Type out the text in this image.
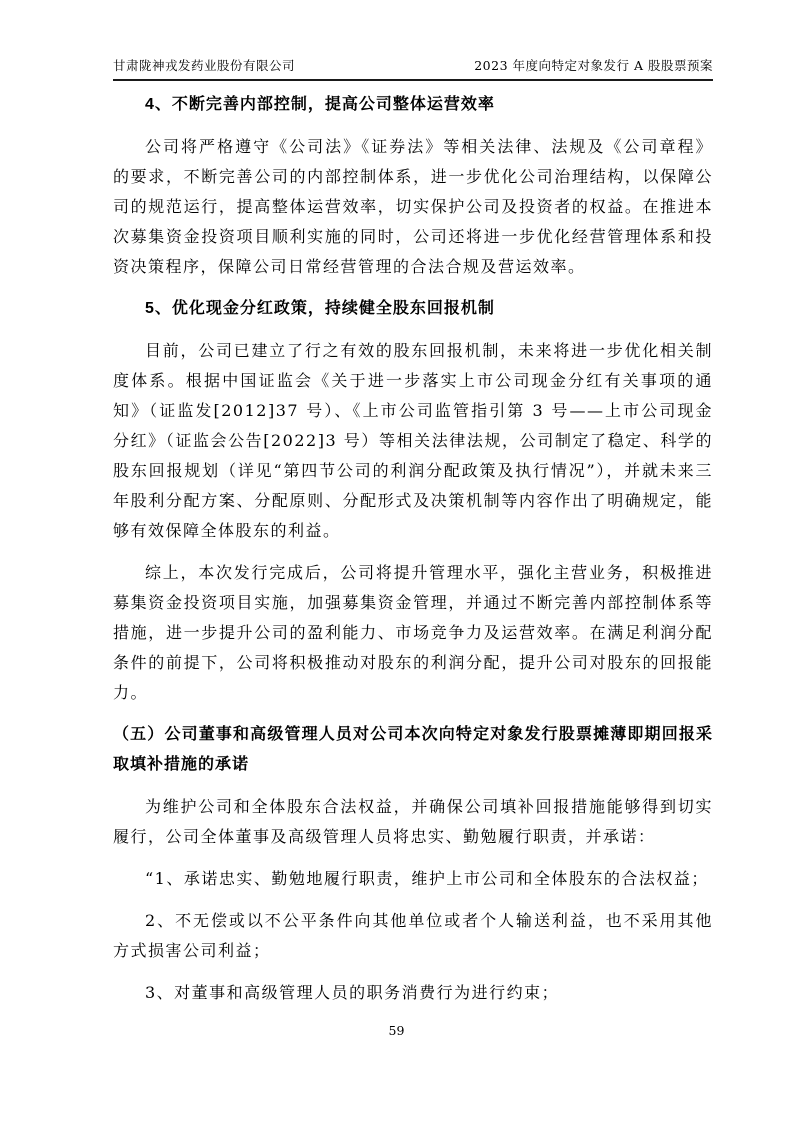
甘肃陇神戎发药业股份有限公司	2023 年度向特定对象发行 A 股股票预案
4、不断完善内部控制，提高公司整体运营效率

公司将严格遵守《公司法》《证券法》等相关法律、法规及《公司章程》的要求，不断完善公司的内部控制体系，进一步优化公司治理结构，以保障公司的规范运行，提高整体运营效率，切实保护公司及投资者的权益。在推进本次募集资金投资项目顺利实施的同时，公司还将进一步优化经营管理体系和投资决策程序，保障公司日常经营管理的合法合规及营运效率。

5、优化现金分红政策，持续健全股东回报机制

目前，公司已建立了行之有效的股东回报机制，未来将进一步优化相关制度体系。根据中国证监会《关于进一步落实上市公司现金分红有关事项的通知》（证监发[2012]37 号）、《上市公司监管指引第 3 号——上市公司现金分红》（证监会公告[2022]3 号）等相关法律法规，公司制定了稳定、科学的股东回报规划（详见“第四节公司的利润分配政策及执行情况”），并就未来三年股利分配方案、分配原则、分配形式及决策机制等内容作出了明确规定，能够有效保障全体股东的利益。

综上，本次发行完成后，公司将提升管理水平，强化主营业务，积极推进募集资金投资项目实施，加强募集资金管理，并通过不断完善内部控制体系等措施，进一步提升公司的盈利能力、市场竞争力及运营效率。在满足利润分配条件的前提下，公司将积极推动对股东的利润分配，提升公司对股东的回报能力。

（五）公司董事和高级管理人员对公司本次向特定对象发行股票摊薄即期回报采取填补措施的承诺

为维护公司和全体股东合法权益，并确保公司填补回报措施能够得到切实履行，公司全体董事及高级管理人员将忠实、勤勉履行职责，并承诺：

“1、承诺忠实、勤勉地履行职责，维护上市公司和全体股东的合法权益；

2、不无偿或以不公平条件向其他单位或者个人输送利益，也不采用其他方式损害公司利益；

3、对董事和高级管理人员的职务消费行为进行约束；

59
